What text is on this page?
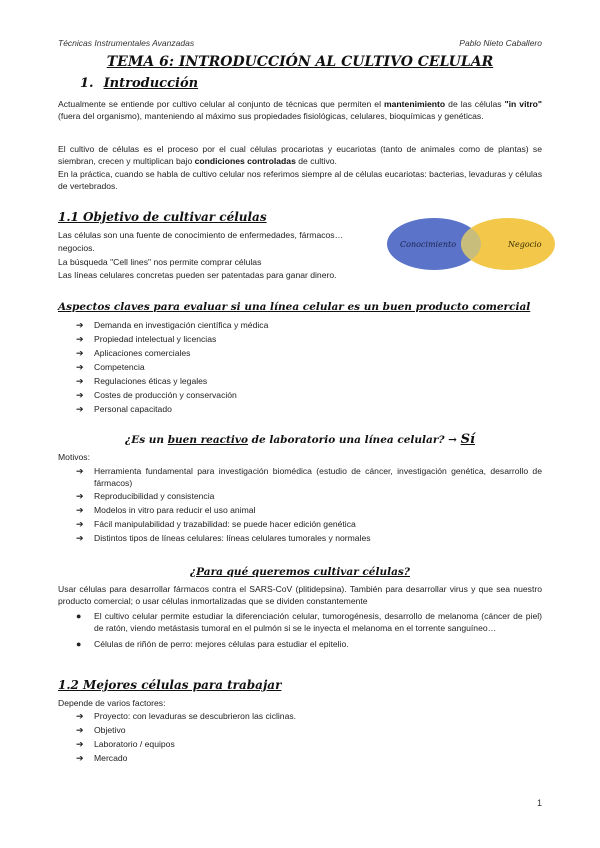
Técnicas Instrumentales Avanzadas	Pablo Nieto Caballero
TEMA 6: INTRODUCCIÓN AL CULTIVO CELULAR
1. Introducción
Actualmente se entiende por cultivo celular al conjunto de técnicas que permiten el mantenimiento de las células "in vitro" (fuera del organismo), manteniendo al máximo sus propiedades fisiológicas, celulares, bioquímicas y genéticas.
El cultivo de células es el proceso por el cual células procariotas y eucariotas (tanto de animales como de plantas) se siembran, crecen y multiplican bajo condiciones controladas de cultivo.
En la práctica, cuando se habla de cultivo celular nos referimos siempre al de células eucariotas: bacterias, levaduras y células de vertebrados.
1.1 Objetivo de cultivar células
Las células son una fuente de conocimiento de enfermedades, fármacos…
negocios.
La búsqueda "Cell lines" nos permite comprar células
Las líneas celulares concretas pueden ser patentadas para ganar dinero.
Conocimiento	Negocio
Aspectos claves para evaluar si una línea celular es un buen producto comercial
➔	Demanda en investigación científica y médica
➔	Propiedad intelectual y licencias
➔	Aplicaciones comerciales
➔	Competencia
➔	Regulaciones éticas y legales
➔	Costes de producción y conservación
➔	Personal capacitado
¿Es un buen reactivo de laboratorio una línea celular? → Sí
Motivos:
➔	Herramienta fundamental para investigación biomédica (estudio de cáncer, investigación genética, desarrollo de fármacos)
➔	Reproducibilidad y consistencia
➔	Modelos in vitro para reducir el uso animal
➔	Fácil manipulabilidad y trazabilidad: se puede hacer edición genética
➔	Distintos tipos de líneas celulares: líneas celulares tumorales y normales
¿Para qué queremos cultivar células?
Usar células para desarrollar fármacos contra el SARS-CoV (plitidepsina). También para desarrollar virus y que sea nuestro producto comercial; o usar células inmortalizadas que se dividen constantemente
●	El cultivo celular permite estudiar la diferenciación celular, tumorogénesis, desarrollo de melanoma (cáncer de piel) de ratón, viendo metástasis tumoral en el pulmón si se le inyecta el melanoma en el torrente sanguíneo…
●	Células de riñón de perro: mejores células para estudiar el epitelio.
1.2 Mejores células para trabajar
Depende de varios factores:
➔	Proyecto: con levaduras se descubrieron las ciclinas.
➔	Objetivo
➔	Laboratorio / equipos
➔	Mercado
1
